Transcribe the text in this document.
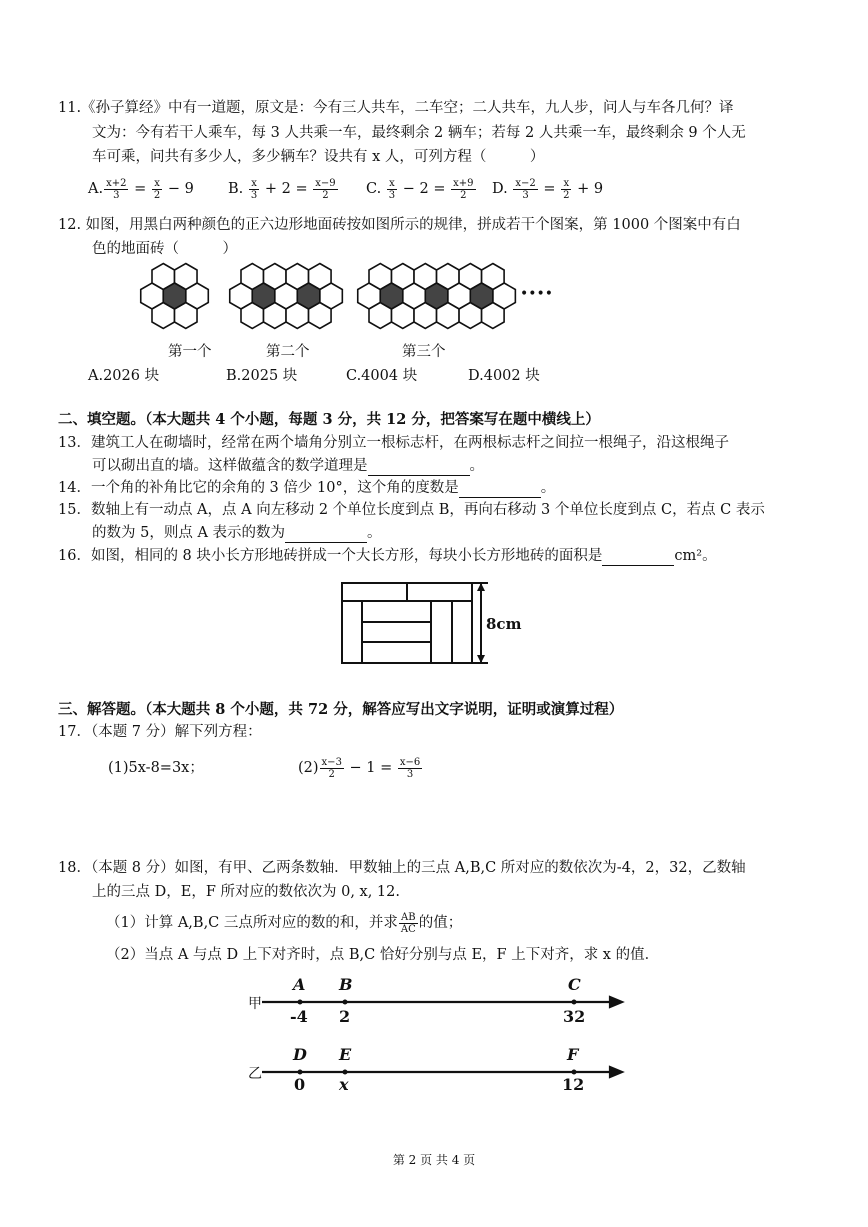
11.《孙子算经》中有一道题，原文是：今有三人共车，二车空；二人共车，九人步，问人与车各几何？译
文为：今有若干人乘车，每 3 人共乘一车，最终剩余 2 辆车；若每 2 人共乘一车，最终剩余 9 个人无
车可乘，问共有多少人，多少辆车？设共有 x 人，可列方程（　　　）
A. $\frac{x+2}{3} = \frac{x}{2} - 9$ B. $\frac{x}{3} + 2 = \frac{x-9}{2} C$. $\frac{x}{3} - 2 = \frac{x+9}{2} D$. $\frac{x-2}{3} = \frac{x}{2} + 9$
12. 如图，用黑白两种颜色的正六边形地面砖按如图所示的规律，拼成若干个图案，第 1000 个图案中有白
色的地面砖（　　　）
••••
第一个	第二个	第三个
A.2026 块	B.2025 块	C.4004 块	D.4002 块
二、填空题。（本大题共 4 个小题，每题 3 分，共 12 分，把答案写在题中横线上）
13．建筑工人在砌墙时，经常在两个墙角分别立一根标志杆，在两根标志杆之间拉一根绳子，沿这根绳子
可以砌出直的墙。这样做蕴含的数学道理是	。
14．一个角的补角比它的余角的 3 倍少 10°，这个角的度数是	。
15．数轴上有一动点 A，点 A 向左移动 2 个单位长度到点 B，再向右移动 3 个单位长度到点 C，若点 C 表示
的数为 5，则点 A 表示的数为	。
16．如图，相同的 8 块小长方形地砖拼成一个大长方形，每块小长方形地砖的面积是	cm²。
8cm
三、解答题。（本大题共 8 个小题，共 72 分，解答应写出文字说明，证明或演算过程）
17．（本题 7 分）解下列方程：
(1)5x-8=3x；	$(2) \frac{x-3}{2} - 1 = \frac{x-6}{3}$
18．（本题 8 分）如图，有甲、乙两条数轴．甲数轴上的三点 A,B,C 所对应的数依次为-4，2，32，乙数轴
上的三点 D，E，F 所对应的数依次为 0, x, 12.
（1）计算 A,B,C 三点所对应的数的和，并求 $\frac{AB}{AC}$ 的值；
（2）当点 A 与点 D 上下对齐时，点 B,C 恰好分别与点 E，F 上下对齐，求 x 的值．
甲
乙
A B	C
-4 2	32
D E	F
0 x	12
第 2 页 共 4 页
